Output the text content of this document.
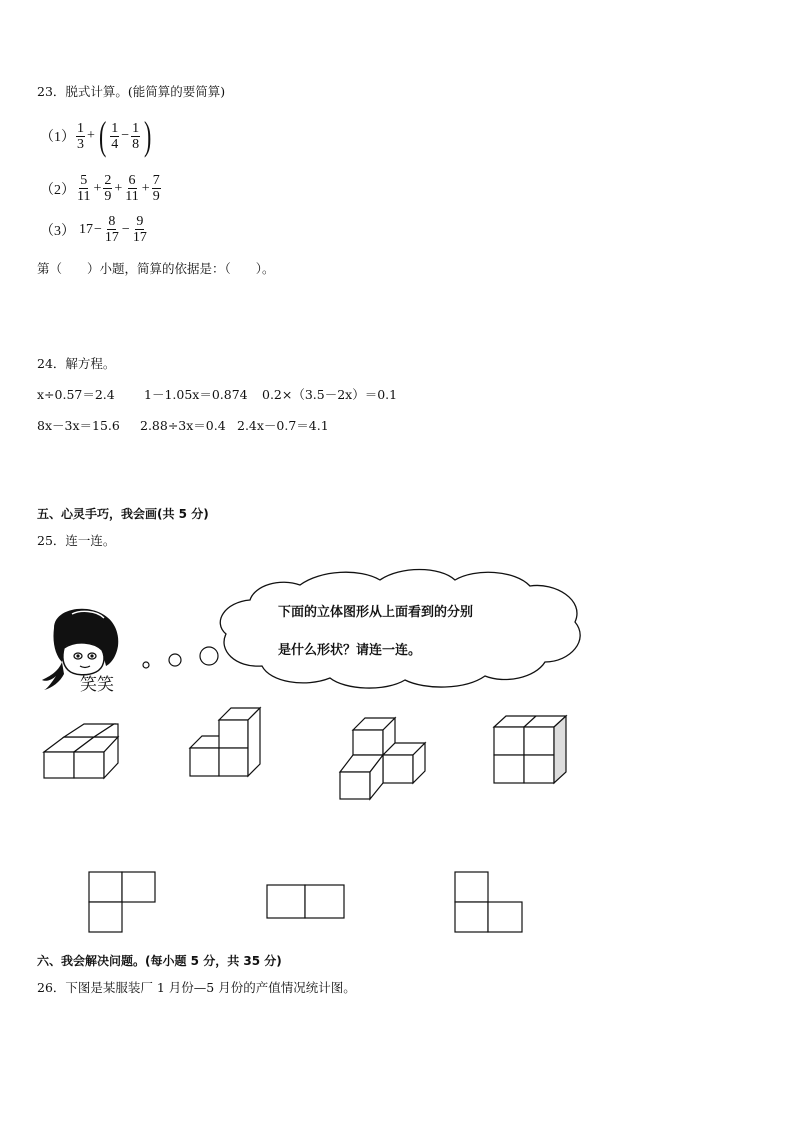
23．脱式计算。(能简算的要简算)
$(1) \frac{1}{3}$ + ( $\frac{1}{4} - \frac{1}{8}$ )
$(2) \frac{5}{11} + \frac{2}{9} + \frac{6}{11} + \frac{7}{9}$
（3） $17 - \frac{8}{17} - \frac{9}{17}$
第（　　）小题，简算的依据是：（　　）。
24．解方程。
x÷0.57＝2.4 1－1.05x＝0.874 0.2×（3.5－2x）＝0.1
8x－3x＝15.6 2.88÷3x＝0.4 2.4x－0.7＝4.1
五、心灵手巧，我会画(共 5 分)
25．连一连。
笑笑
下面的立体图形从上面看到的分别
是什么形状？请连一连。
六、我会解决问题。(每小题 5 分，共 35 分)
26．下图是某服装厂 1 月份—5 月份的产值情况统计图。
